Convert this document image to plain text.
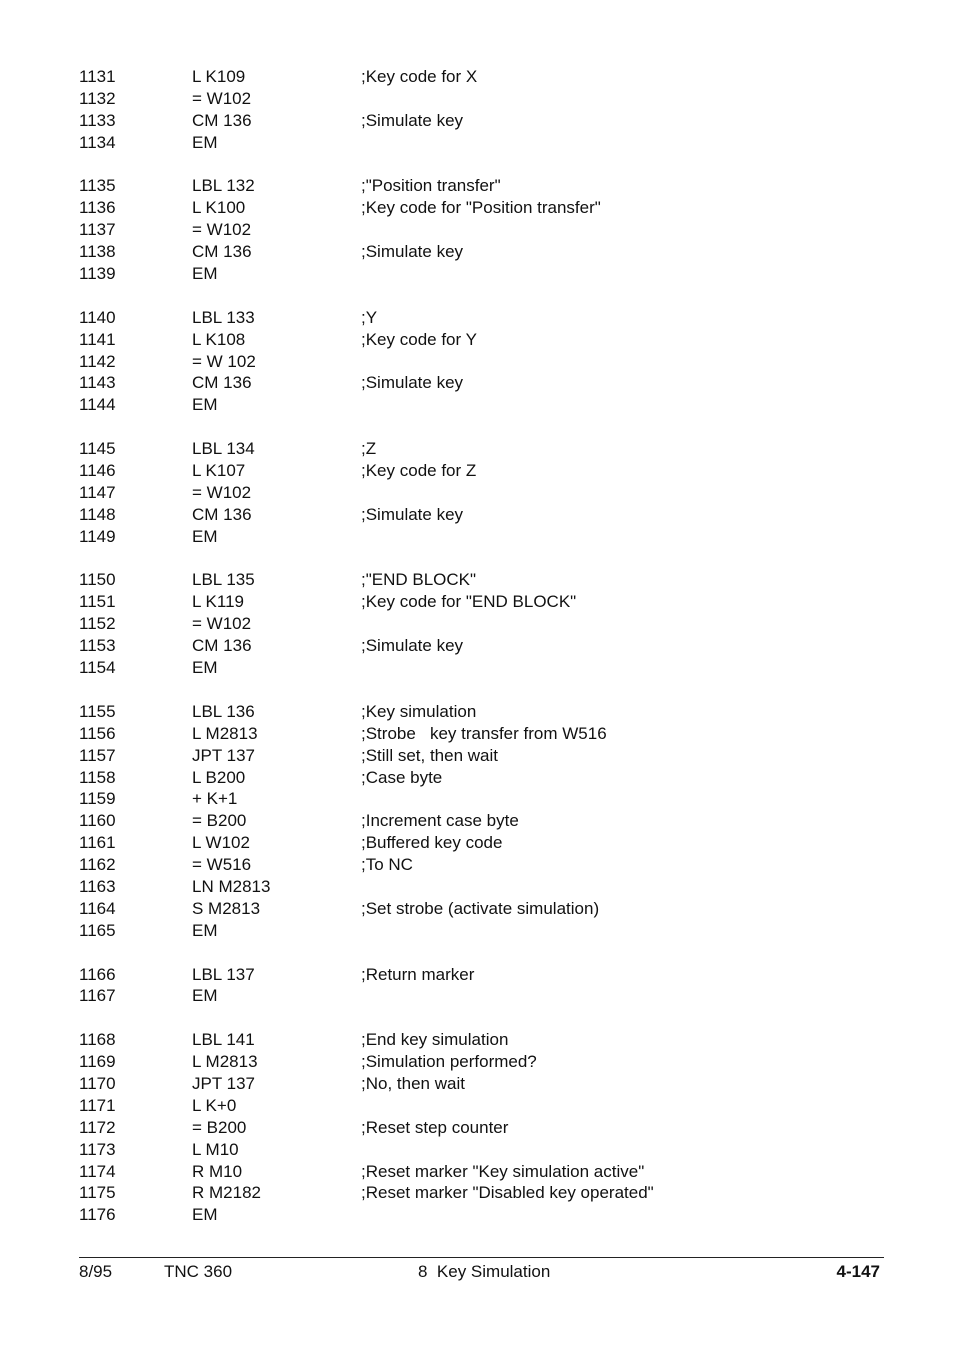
1131	L K109	;Key code for X
1132	= W102
1133	CM 136	;Simulate key
1134	EM
1135	LBL 132	;"Position transfer"
1136	L K100	;Key code for "Position transfer"
1137	= W102
1138	CM 136	;Simulate key
1139	EM
1140	LBL 133	;Y
1141	L K108	;Key code for Y
1142	= W 102
1143	CM 136	;Simulate key
1144	EM
1145	LBL 134	;Z
1146	L K107	;Key code for Z
1147	= W102
1148	CM 136	;Simulate key
1149	EM
1150	LBL 135	;"END BLOCK"
1151	L K119	;Key code for "END BLOCK"
1152	= W102
1153	CM 136	;Simulate key
1154	EM
1155	LBL 136	;Key simulation
1156	L M2813	;Strobe   key transfer from W516
1157	JPT 137	;Still set, then wait
1158	L B200	;Case byte
1159	+ K+1
1160	= B200	;Increment case byte
1161	L W102	;Buffered key code
1162	= W516	;To NC
1163	LN M2813
1164	S M2813	;Set strobe (activate simulation)
1165	EM
1166	LBL 137	;Return marker
1167	EM
1168	LBL 141	;End key simulation
1169	L M2813	;Simulation performed?
1170	JPT 137	;No, then wait
1171	L K+0
1172	= B200	;Reset step counter
1173	L M10
1174	R M10	;Reset marker "Key simulation active"
1175	R M2182	;Reset marker "Disabled key operated"
1176	EM
8/95	TNC 360	8  Key Simulation	4-147
